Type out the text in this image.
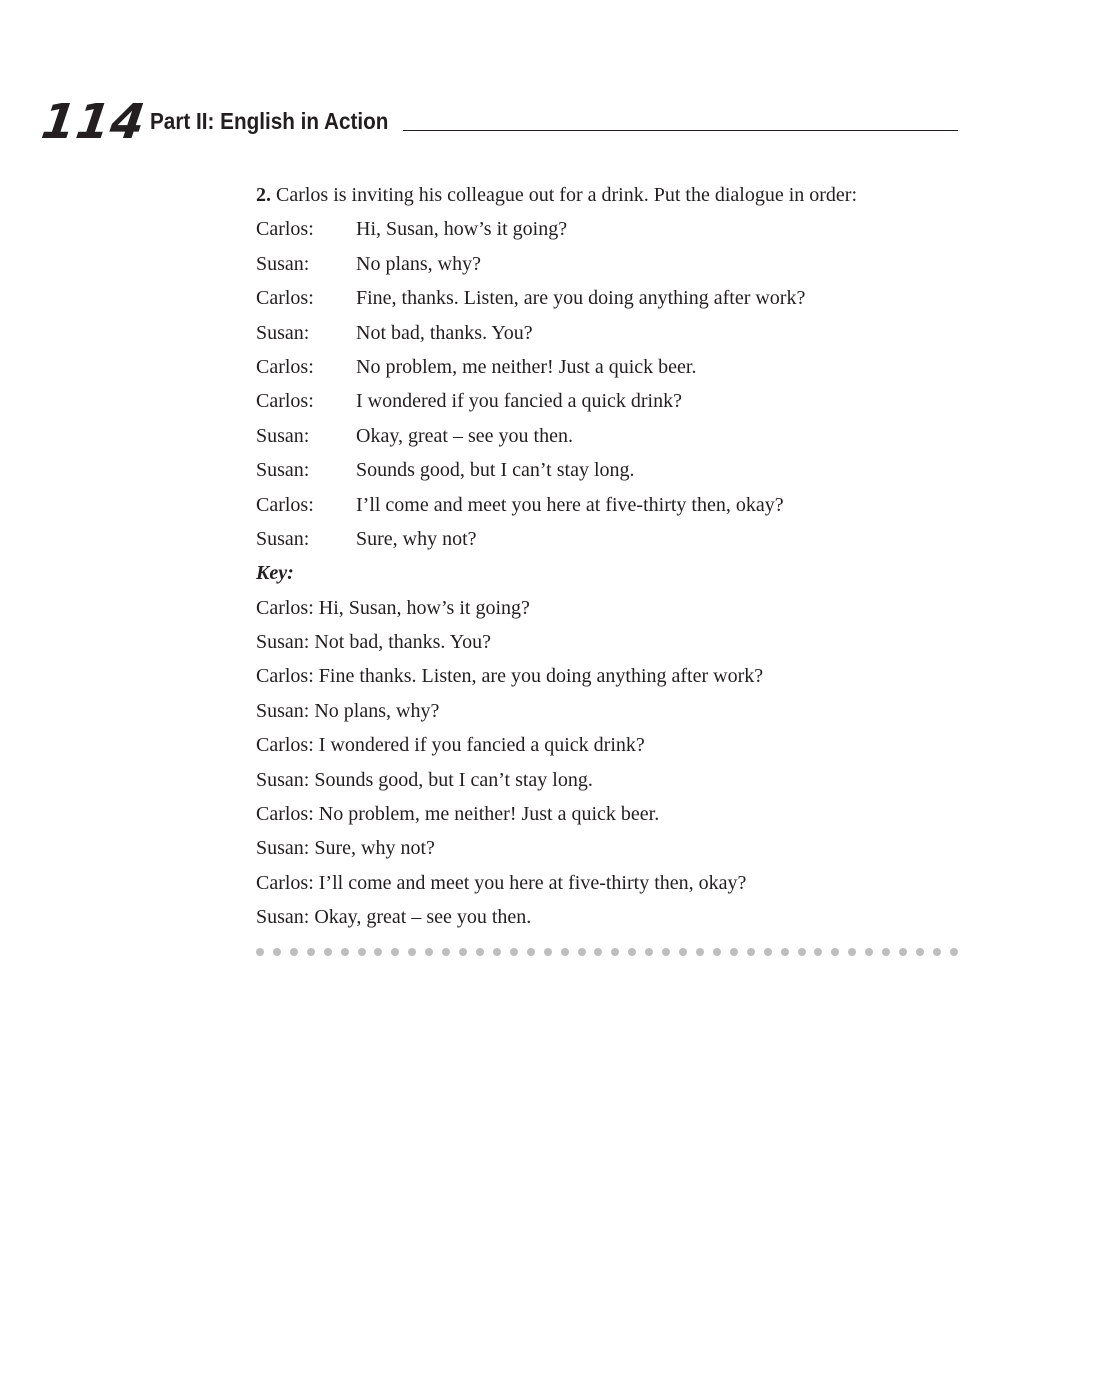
114 Part II: English in Action
2. Carlos is inviting his colleague out for a drink. Put the dialogue in order:
Carlos: Hi, Susan, how’s it going?
Susan: No plans, why?
Carlos: Fine, thanks. Listen, are you doing anything after work?
Susan: Not bad, thanks. You?
Carlos: No problem, me neither! Just a quick beer.
Carlos: I wondered if you fancied a quick drink?
Susan: Okay, great – see you then.
Susan: Sounds good, but I can’t stay long.
Carlos: I’ll come and meet you here at five-thirty then, okay?
Susan: Sure, why not?
Key:
Carlos: Hi, Susan, how’s it going?
Susan: Not bad, thanks. You?
Carlos: Fine thanks. Listen, are you doing anything after work?
Susan: No plans, why?
Carlos: I wondered if you fancied a quick drink?
Susan: Sounds good, but I can’t stay long.
Carlos: No problem, me neither! Just a quick beer.
Susan: Sure, why not?
Carlos: I’ll come and meet you here at five-thirty then, okay?
Susan: Okay, great – see you then.
